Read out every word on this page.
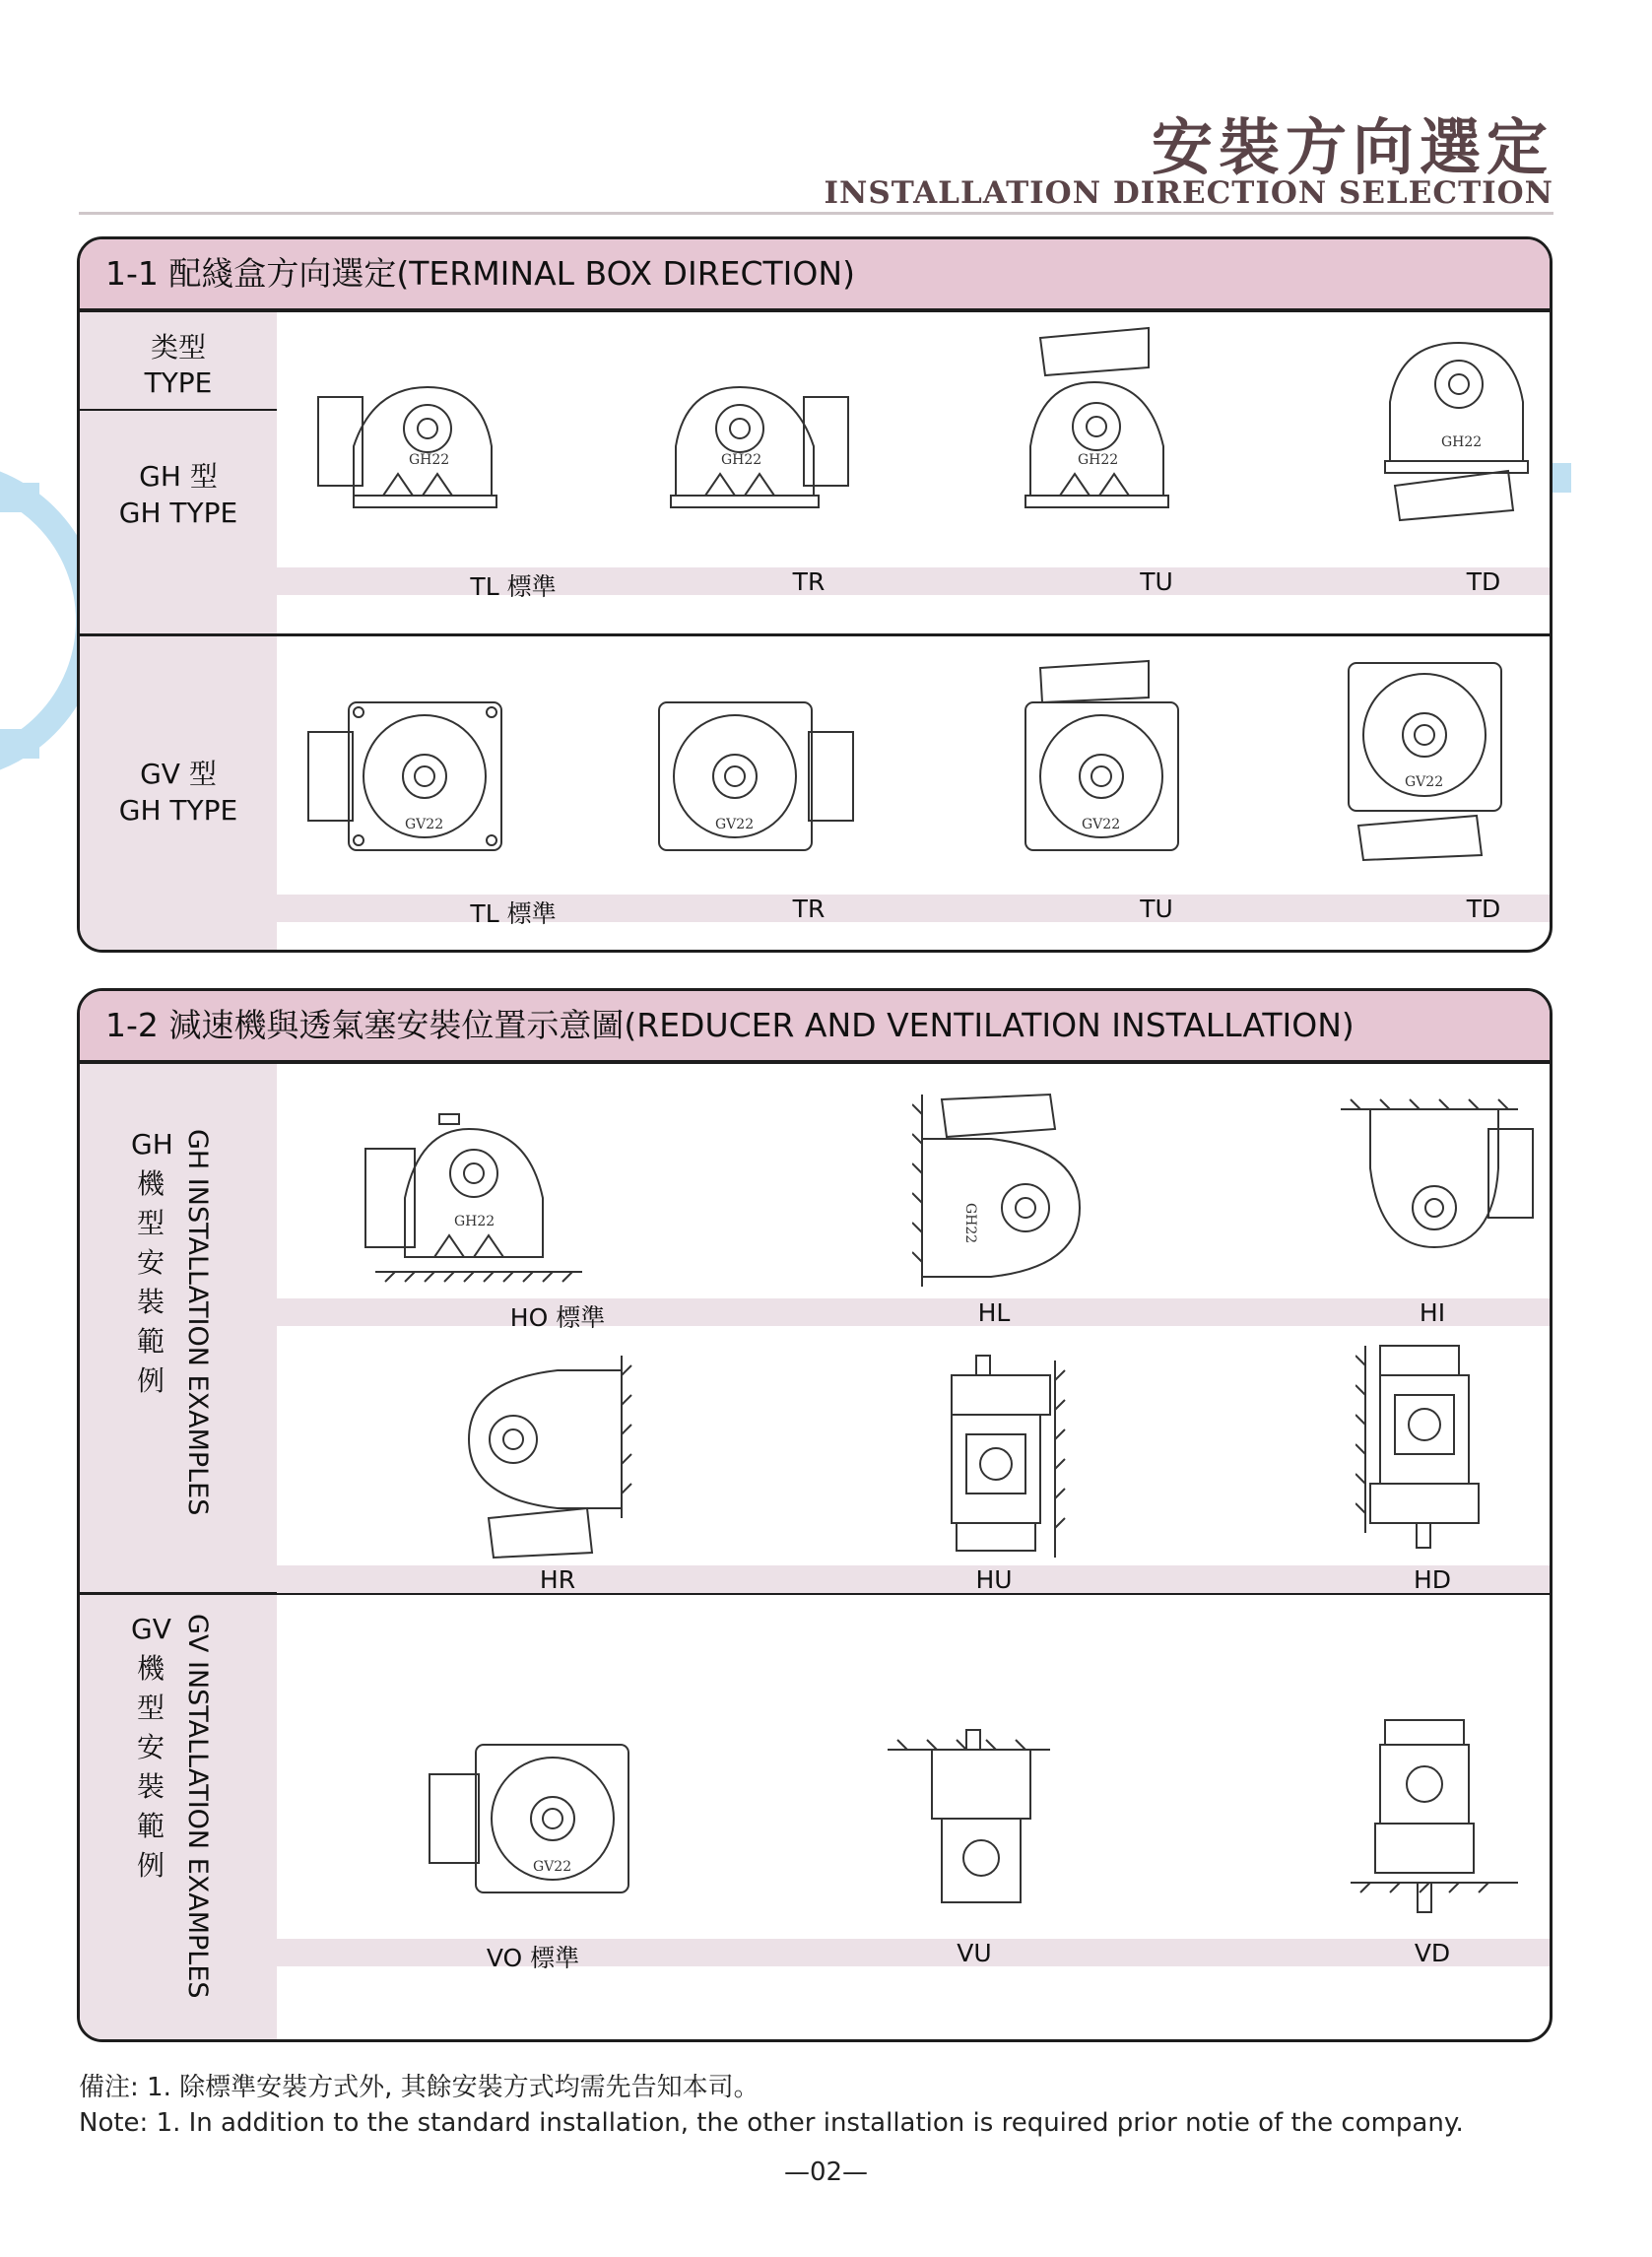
安裝方向選定
INSTALLATION DIRECTION SELECTION
1-1 配綫盒方向選定(TERMINAL BOX DIRECTION)
类型
TYPE
GH 型
GH TYPE
GV 型
GH TYPE
TL 標準	TR	TU	TD
TL 標準	TR	TU	TD
GH22	GH22	GH22
GH22
GV22	GV22	GV22
GV22
1-2 減速機與透氣塞安裝位置示意圖(REDUCER AND VENTILATION INSTALLATION)
GH
機
型
安
裝
範
例 GH INSTALLATION EXAMPLES
GV
機
型
安
裝
範
例 GV INSTALLATION EXAMPLES
HO 標準	HL	HI
HR	HU	HD
VO 標準	VU	VD
GH22	GH22
GV22
備注: 1. 除標準安裝方式外, 其餘安裝方式均需先告知本司。
Note: 1. In addition to the standard installation, the other installation is required prior notie of the company.
—02—
